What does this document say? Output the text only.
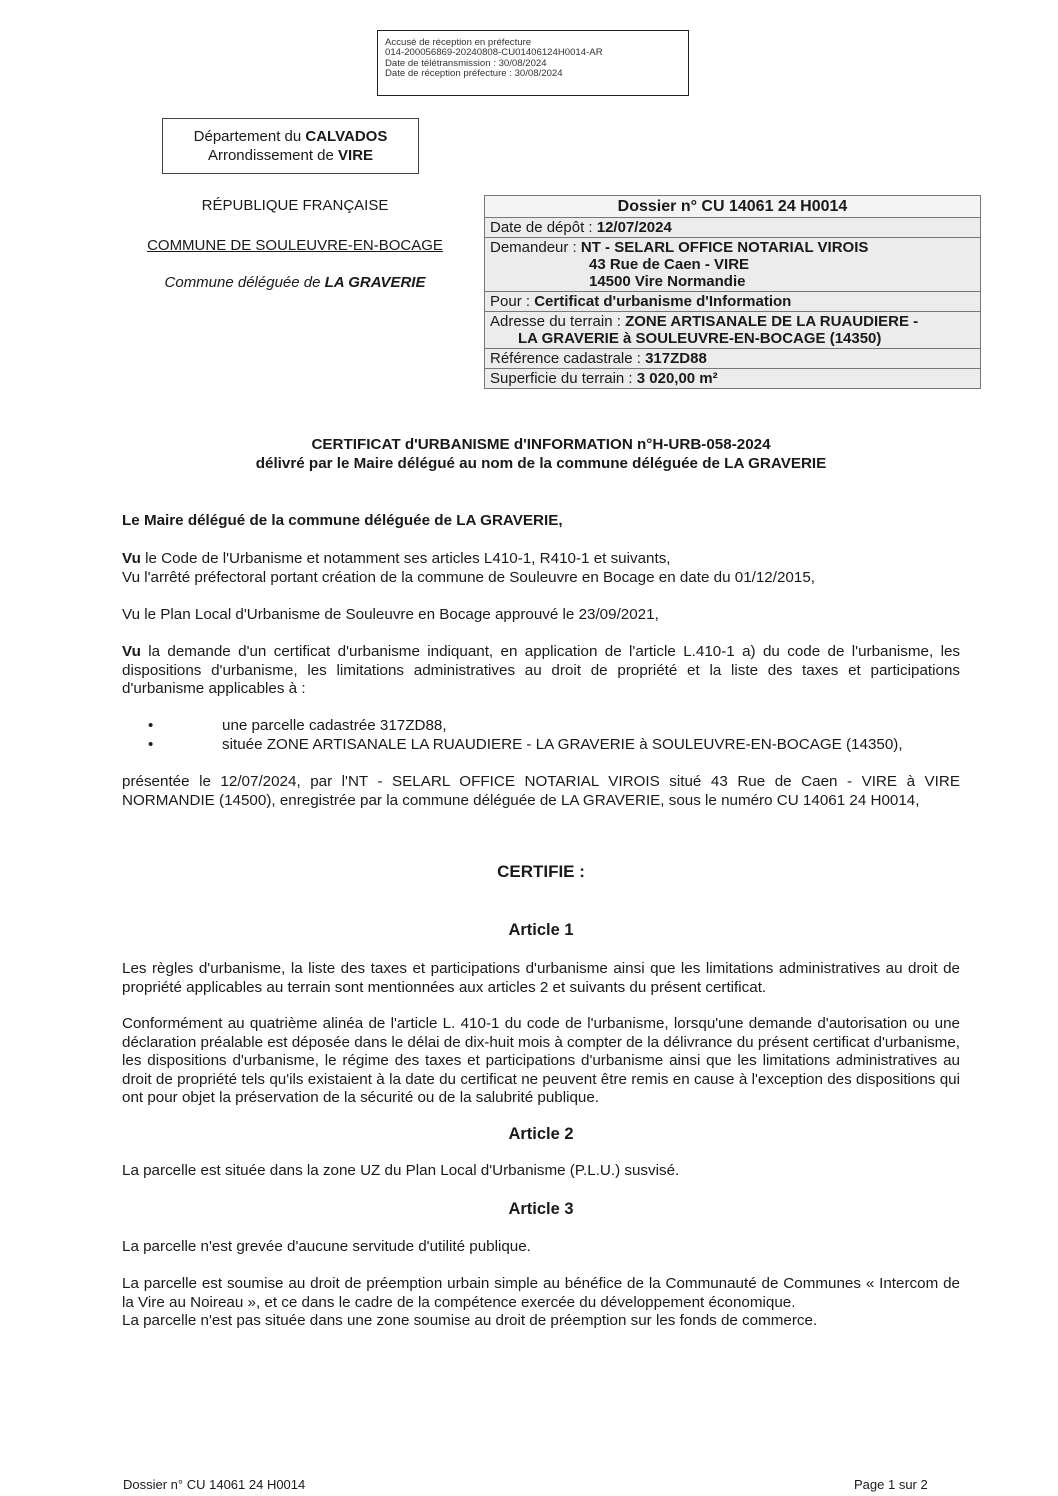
Accusé de réception en préfecture
014-200056869-20240808-CU01406124H0014-AR
Date de télétransmission : 30/08/2024
Date de réception préfecture : 30/08/2024
Département du CALVADOS
Arrondissement de VIRE
RÉPUBLIQUE FRANÇAISE
COMMUNE DE SOULEUVRE-EN-BOCAGE
Commune déléguée de LA GRAVERIE
Dossier n° CU 14061 24 H0014
Date de dépôt : 12/07/2024
Demandeur : NT - SELARL OFFICE NOTARIAL VIROIS
43 Rue de Caen - VIRE
14500 Vire Normandie

Pour : Certificat d'urbanisme d'Information
Adresse du terrain : ZONE ARTISANALE DE LA RUAUDIERE -
LA GRAVERIE à SOULEUVRE-EN-BOCAGE (14350)

Référence cadastrale : 317ZD88
Superficie du terrain : 3 020,00 m²
CERTIFICAT d'URBANISME d'INFORMATION n°H-URB-058-2024
délivré par le Maire délégué au nom de la commune déléguée de LA GRAVERIE
Le Maire délégué de la commune déléguée de LA GRAVERIE,
Vu le Code de l'Urbanisme et notamment ses articles L410-1, R410-1 et suivants,
Vu l'arrêté préfectoral portant création de la commune de Souleuvre en Bocage en date du 01/12/2015,
Vu le Plan Local d'Urbanisme de Souleuvre en Bocage approuvé le 23/09/2021,
Vu la demande d'un certificat d'urbanisme indiquant, en application de l'article L.410-1 a) du code de l'urbanisme, les dispositions d'urbanisme, les limitations administratives au droit de propriété et la liste des taxes et participations d'urbanisme applicables à :
•	une parcelle cadastrée 317ZD88,
•	située ZONE ARTISANALE LA RUAUDIERE - LA GRAVERIE à SOULEUVRE-EN-BOCAGE (14350),
présentée le 12/07/2024, par l'NT - SELARL OFFICE NOTARIAL VIROIS situé 43 Rue de Caen - VIRE à VIRE NORMANDIE (14500), enregistrée par la commune déléguée de LA GRAVERIE, sous le numéro CU 14061 24 H0014,
CERTIFIE :
Article 1
Les règles d'urbanisme, la liste des taxes et participations d'urbanisme ainsi que les limitations administratives au droit de propriété applicables au terrain sont mentionnées aux articles 2 et suivants du présent certificat.
Conformément au quatrième alinéa de l'article L. 410-1 du code de l'urbanisme, lorsqu'une demande d'autorisation ou une déclaration préalable est déposée dans le délai de dix-huit mois à compter de la délivrance du présent certificat d'urbanisme, les dispositions d'urbanisme, le régime des taxes et participations d'urbanisme ainsi que les limitations administratives au droit de propriété tels qu'ils existaient à la date du certificat ne peuvent être remis en cause à l'exception des dispositions qui ont pour objet la préservation de la sécurité ou de la salubrité publique.
Article 2
La parcelle est située dans la zone UZ du Plan Local d'Urbanisme (P.L.U.) susvisé.
Article 3
La parcelle n'est grevée d'aucune servitude d'utilité publique.
La parcelle est soumise au droit de préemption urbain simple au bénéfice de la Communauté de Communes « Intercom de la Vire au Noireau », et ce dans le cadre de la compétence exercée du développement économique.
La parcelle n'est pas située dans une zone soumise au droit de préemption sur les fonds de commerce.
Dossier n° CU 14061 24 H0014	Page 1 sur 2
